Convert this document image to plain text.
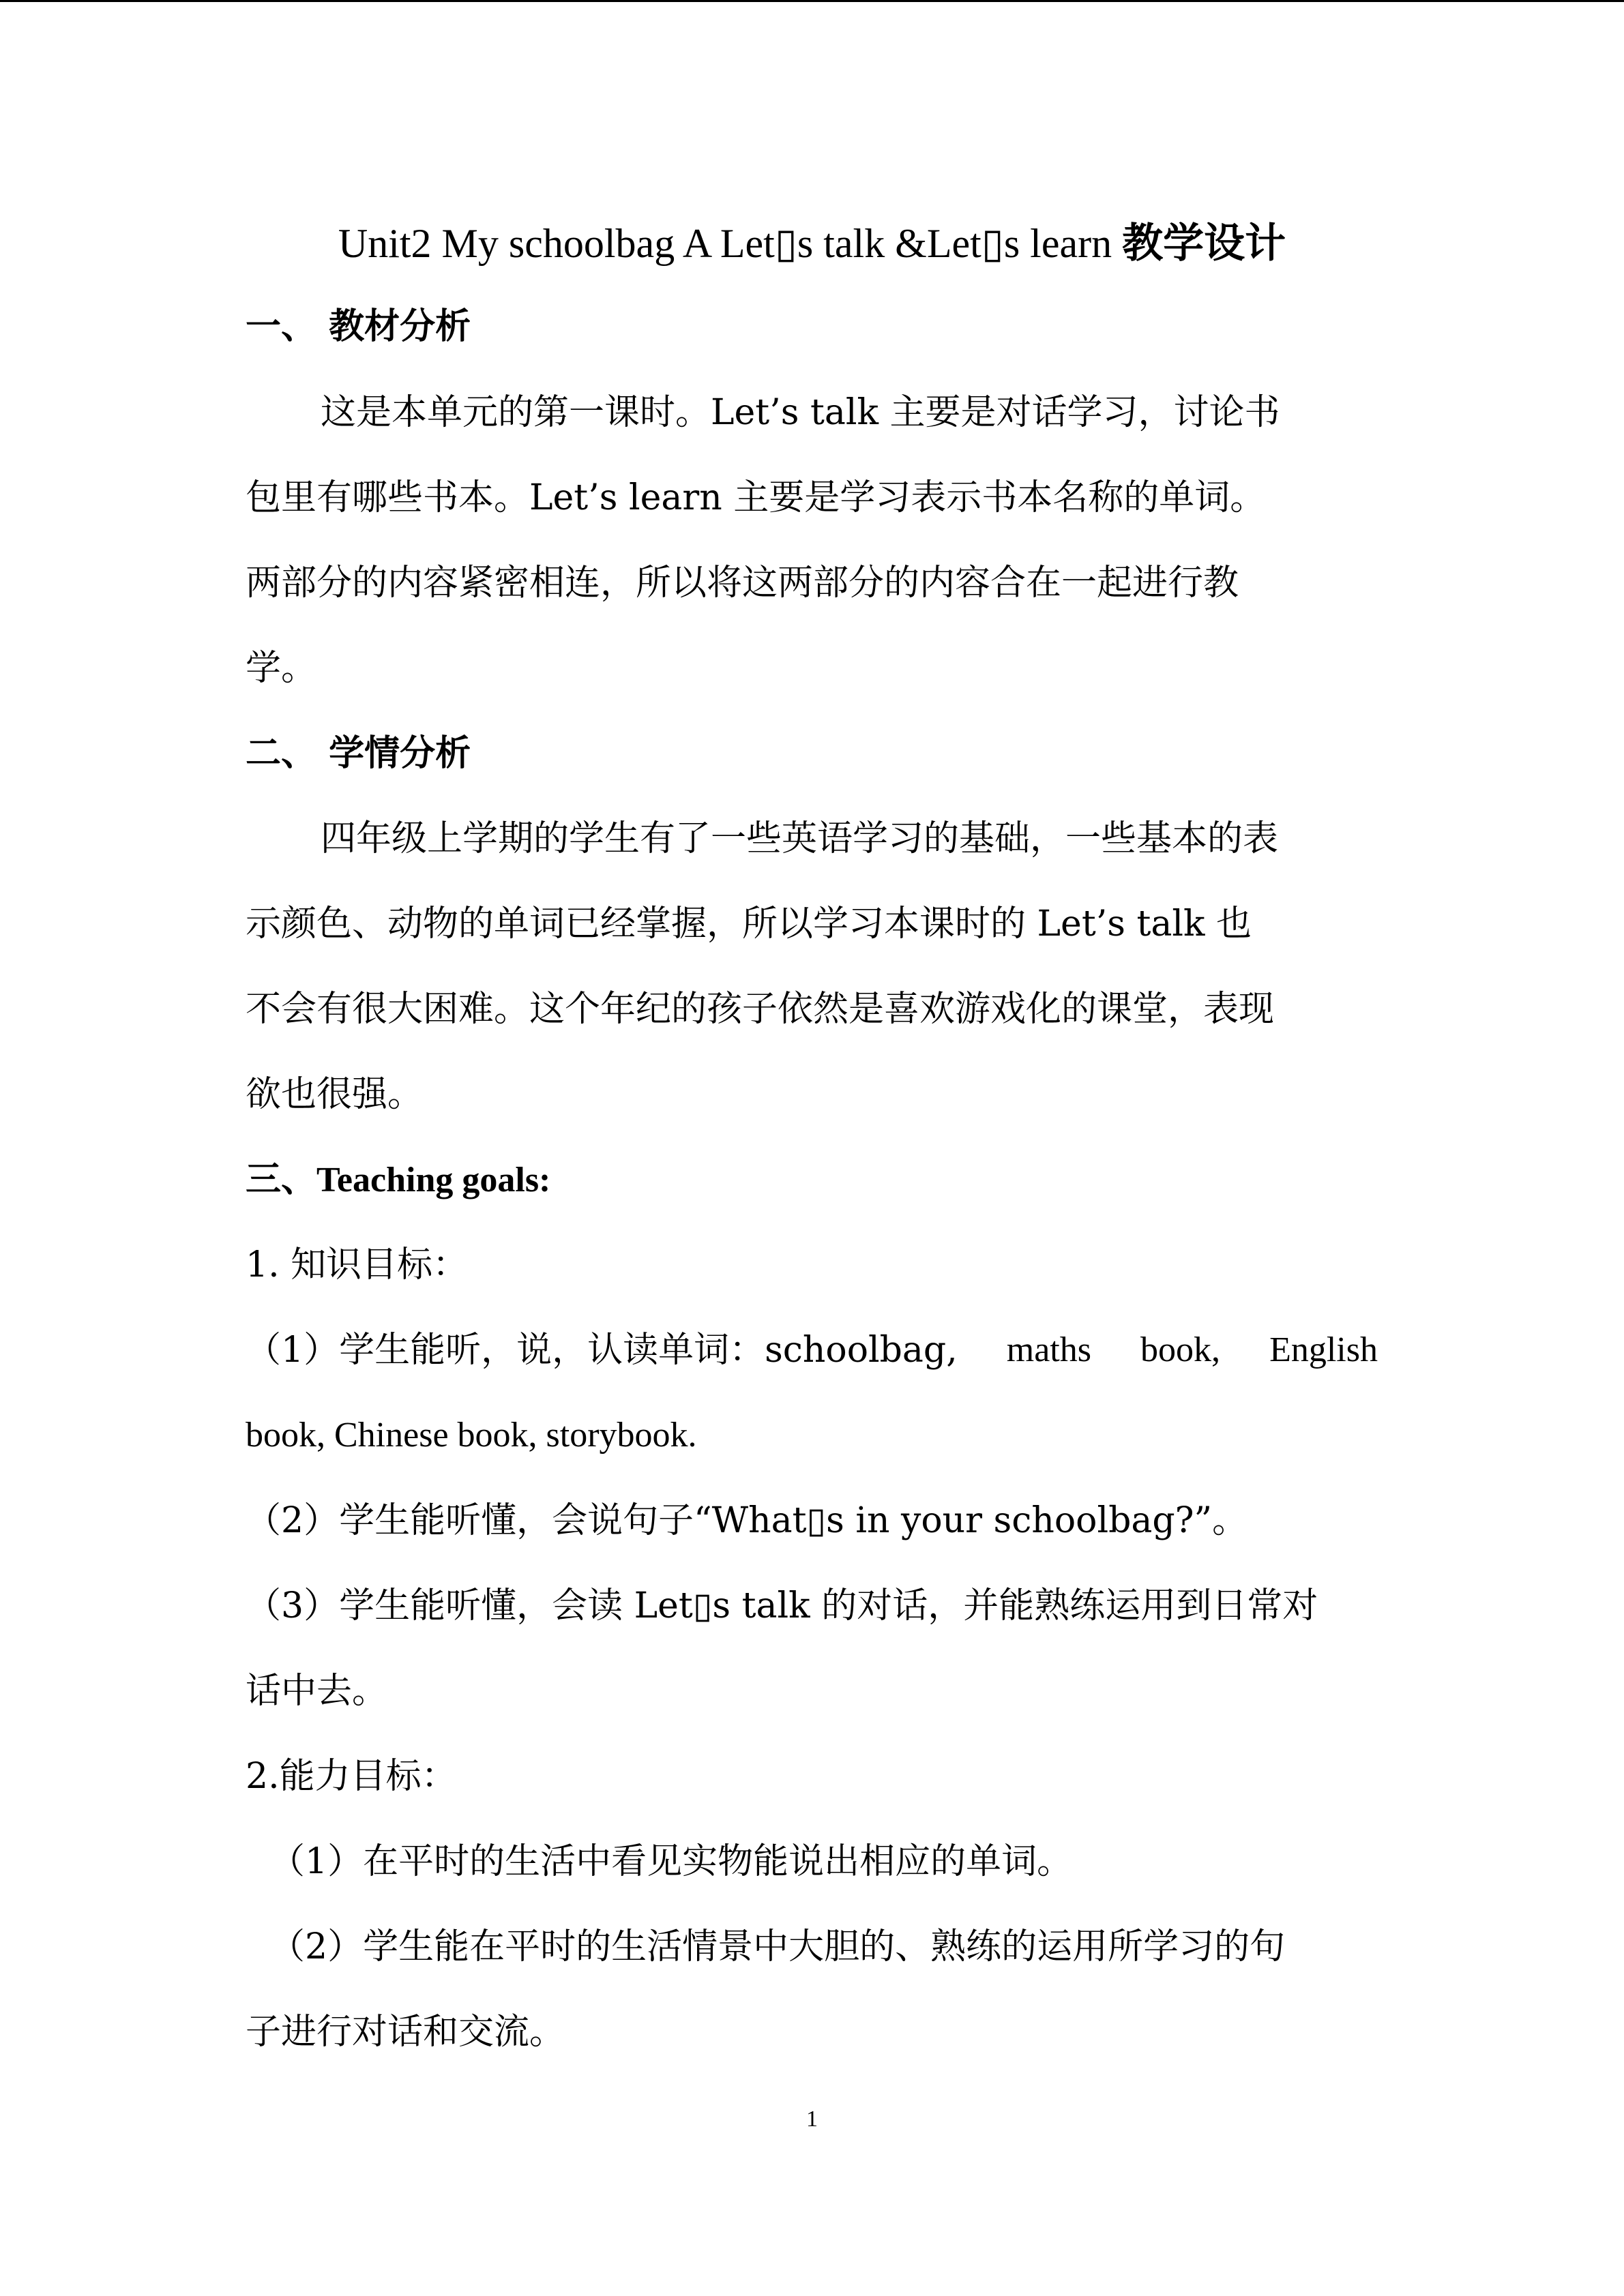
Unit2 My schoolbag A Let▯s talk &Let▯s learn 教学设计
一、 教材分析
这是本单元的第一课时。Let’s talk 主要是对话学习，讨论书
包里有哪些书本。Let’s learn 主要是学习表示书本名称的单词。
两部分的内容紧密相连，所以将这两部分的内容合在一起进行教
学。
二、 学情分析
四年级上学期的学生有了一些英语学习的基础，一些基本的表
示颜色、动物的单词已经掌握，所以学习本课时的 Let’s talk 也
不会有很大困难。这个年纪的孩子依然是喜欢游戏化的课堂，表现
欲也很强。
三、Teaching goals:
1. 知识目标：
（1）学生能听，说，认读单词：schoolbag, maths book, English
book, Chinese book, storybook.
（2）学生能听懂，会说句子“What▯s in your schoolbag?”。
（3）学生能听懂，会读 Let▯s talk 的对话，并能熟练运用到日常对
话中去。
2.能力目标：
（1）在平时的生活中看见实物能说出相应的单词。
（2）学生能在平时的生活情景中大胆的、熟练的运用所学习的句
子进行对话和交流。
1
